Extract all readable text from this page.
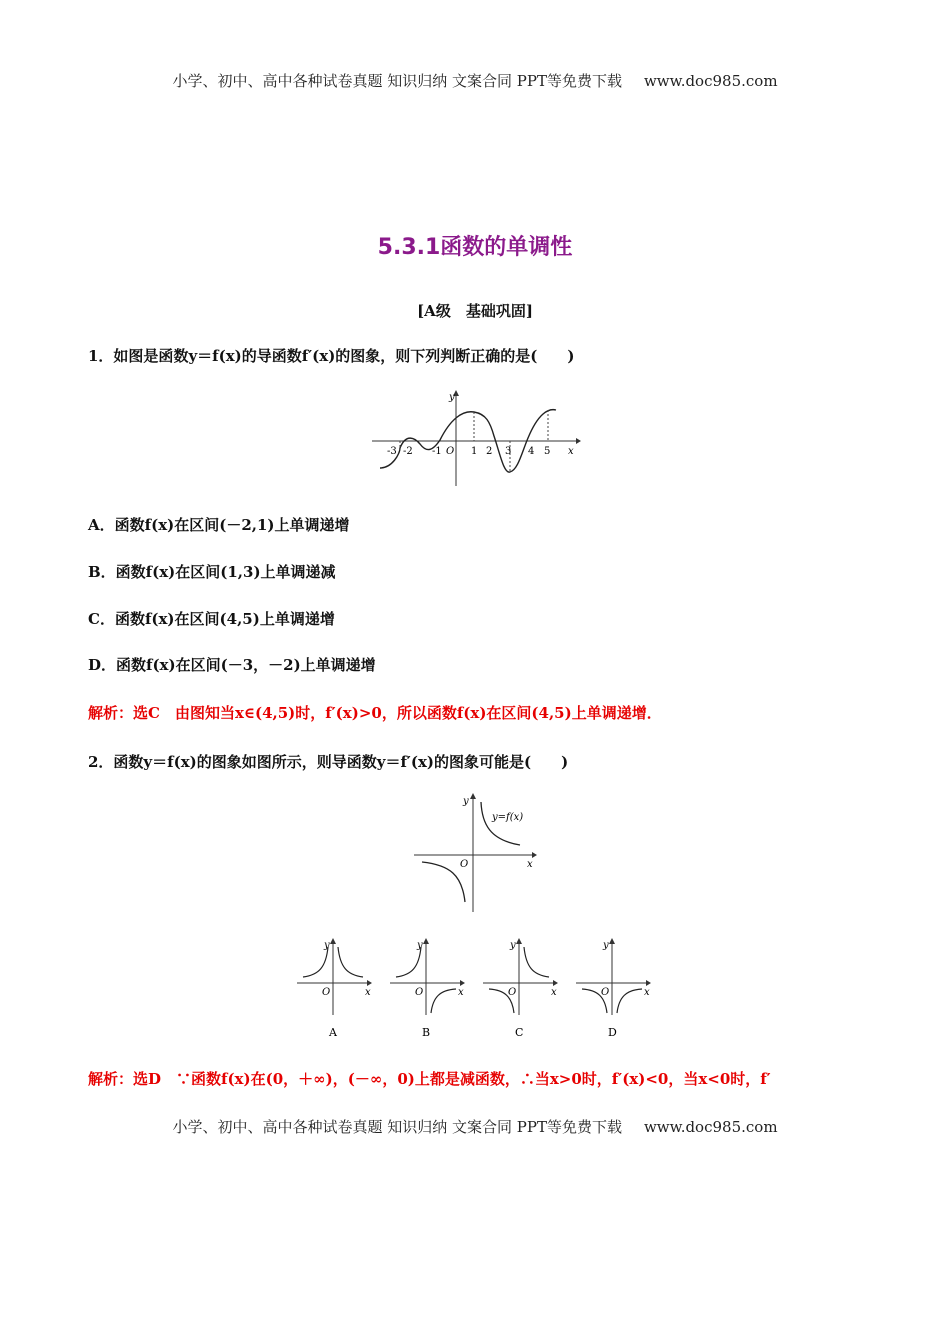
小学、初中、高中各种试卷真题 知识归纳 文案合同 PPT等免费下载 www.doc985.com
5.3.1函数的单调性
[A级　基础巩固]
1．如图是函数y＝f(x)的导函数f′(x)的图象，则下列判断正确的是(　　)
y
x
-3 -2 -1 O 1 2 3 4 5
A．函数f(x)在区间(－2,1)上单调递增
B．函数f(x)在区间(1,3)上单调递减
C．函数f(x)在区间(4,5)上单调递增
D．函数f(x)在区间(－3，－2)上单调递增
解析：选C　由图知当x∈(4,5)时，f′(x)>0，所以函数f(x)在区间(4,5)上单调递增．
2．函数y＝f(x)的图象如图所示，则导函数y＝f′(x)的图象可能是(　　)
y
x
O
y=f(x)
y
x
O
A
y
x
O
B
y
x
O
C
y
x
O
D
解析：选D　∵函数f(x)在(0，＋∞)，(－∞，0)上都是减函数，∴当x>0时，f′(x)<0，当x<0时，f′
小学、初中、高中各种试卷真题 知识归纳 文案合同 PPT等免费下载 www.doc985.com
